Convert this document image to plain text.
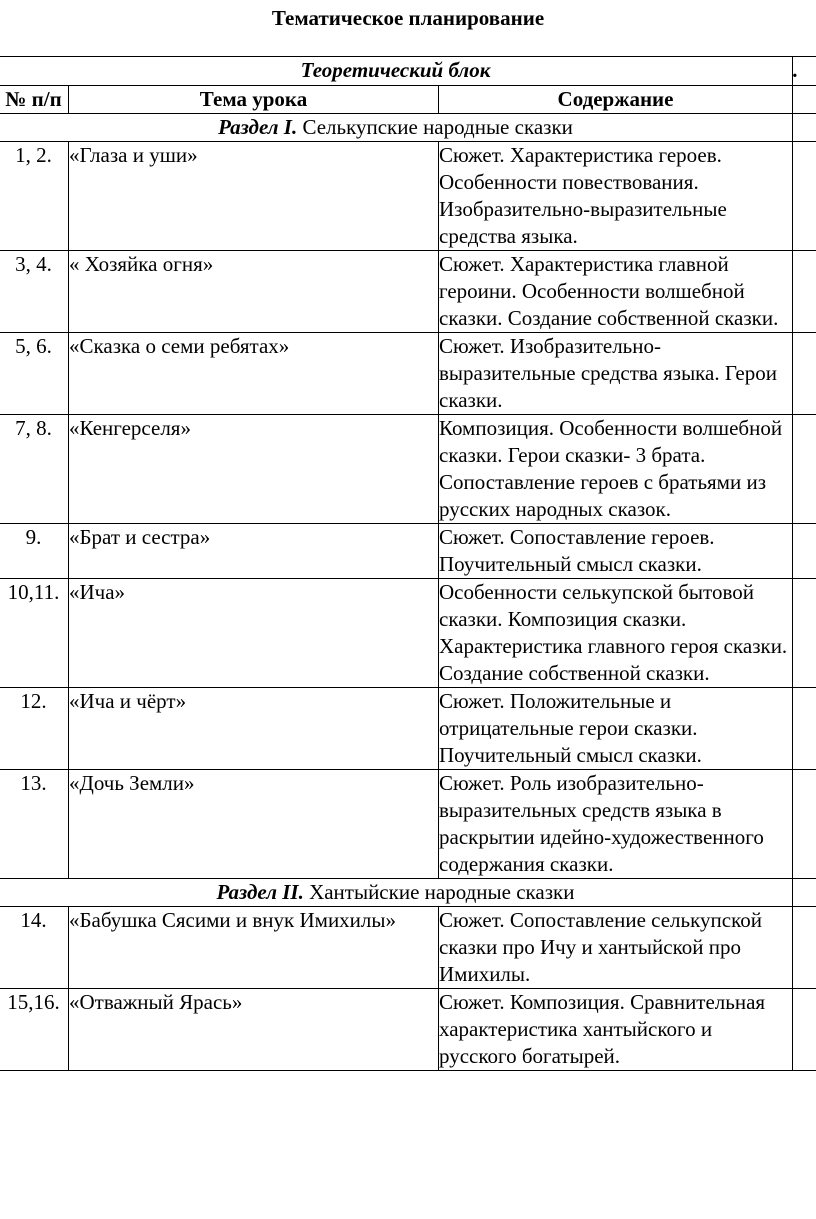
Тематическое планирование
Теоретический блок			.
№ п/п	Тема урока	Содержание	
Раздел I. Селькупские народные сказки			
1, 2.	«Глаза и уши»	Сюжет. Характеристика героев. Особенности повествования. Изобразительно-выразительные средства языка.	
3, 4.	« Хозяйка огня»	Сюжет. Характеристика главной героини. Особенности волшебной сказки. Создание собственной сказки.	
5, 6.	«Сказка о семи ребятах»	Сюжет. Изобразительно-выразительные средства языка. Герои сказки.	
7, 8.	«Кенгерселя»	Композиция. Особенности волшебной сказки. Герои сказки- 3 брата. Сопоставление героев с братьями из русских народных сказок.	
9.	«Брат и сестра»	Сюжет. Сопоставление героев. Поучительный смысл сказки.	
10,11.	«Ича»	Особенности селькупской бытовой сказки. Композиция сказки. Характеристика главного героя сказки. Создание собственной сказки.	
12.	«Ича и чёрт»	Сюжет. Положительные и отрицательные герои сказки. Поучительный смысл сказки.	
13.	«Дочь Земли»	Сюжет. Роль изобразительно-выразительных средств языка в раскрытии идейно-художественного содержания сказки.	
Раздел II. Хантыйские народные сказки			
14.	«Бабушка Сясими и внук Имихилы»	Сюжет. Сопоставление селькупской сказки про Ичу и хантыйской про Имихилы.	
15,16.	«Отважный Ярась»	Сюжет. Композиция. Сравнительная характеристика хантыйского и русского богатырей.	
